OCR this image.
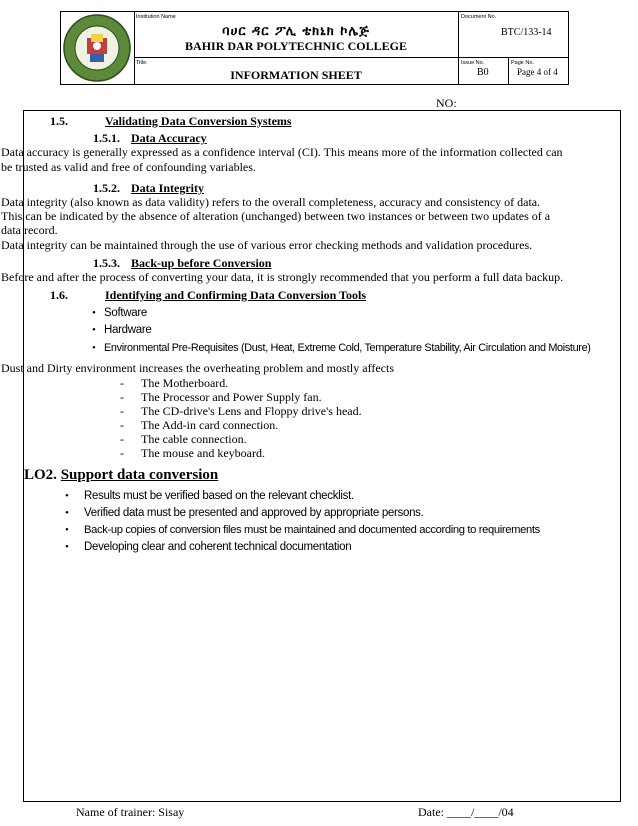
Institution Name
ባሀር ዳር ፖሊ ቴክኒክ ኮሌጅ
BAHIR DAR POLYTECHNIC COLLEGE
Document No.
BTC/133-14
Title:
INFORMATION SHEET
Issue No.
B0
Page No.
Page 4 of 4
NO:
1.5.	Validating Data Conversion Systems
1.5.1. Data Accuracy
Data accuracy is generally expressed as a confidence interval (CI). This means more of the information collected can
be trusted as valid and free of confounding variables.
1.5.2. Data Integrity
Data integrity (also known as data validity) refers to the overall completeness, accuracy and consistency of data.
This can be indicated by the absence of alteration (unchanged) between two instances or between two updates of a
data record.
Data integrity can be maintained through the use of various error checking methods and validation procedures.
1.5.3. Back-up before Conversion
Before and after the process of converting your data, it is strongly recommended that you perform a full data backup.
1.6.	Identifying and Confirming Data Conversion Tools
• Software
• Hardware
• Environmental Pre-Requisites (Dust, Heat, Extreme Cold, Temperature Stability, Air Circulation and Moisture)
Dust and Dirty environment increases the overheating problem and mostly affects
- The Motherboard.
- The Processor and Power Supply fan.
- The CD-drive's Lens and Floppy drive's head.
- The Add-in card connection.
- The cable connection.
- The mouse and keyboard.
LO2. Support data conversion
• Results must be verified based on the relevant checklist.
• Verified data must be presented and approved by appropriate persons.
• Back-up copies of conversion files must be maintained and documented according to requirements
• Developing clear and coherent technical documentation
Name of trainer: Sisay	Date: ____/____/04
